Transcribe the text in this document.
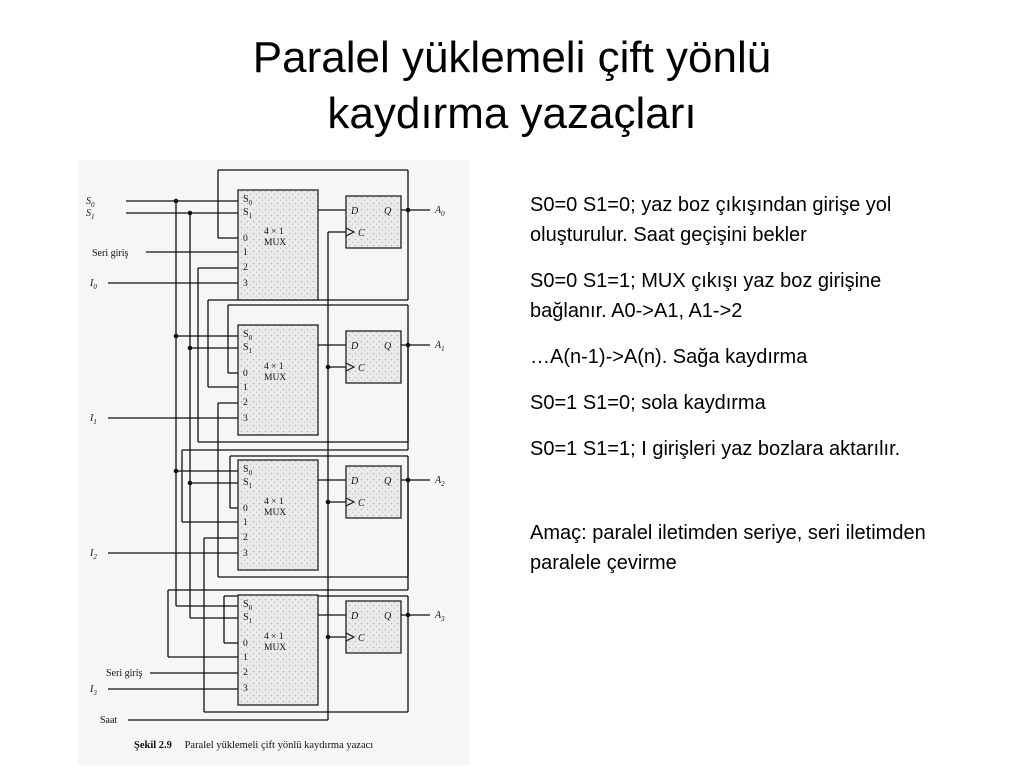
Paralel yüklemeli çift yönlü
kaydırma yazaçları
$S_0$
$S_1$
4 × 1
MUX
0
1
2
3
D	Q
C
$A_0$
$S_0$
$S_1$
4 × 1
MUX
0
1
2
3
D	Q
C
$A_1$
$S_0$
$S_1$
4 × 1
MUX
0
1
2
3
D	Q
C
$A_2$
$S_0$
$S_1$
4 × 1
MUX
0
1
2
3
D	Q
C
$A_3$
$S_0$
$S_1$
Seri giriş
$I_0$
$I_1$
$I_2$
Seri giriş
$I_3$
Saat
Şekil 2.9 Paralel yüklemeli çift yönlü kaydırma yazacı

S0=0 S1=0; yaz boz çıkışından girişe yol oluşturulur. Saat geçişini bekler

S0=0 S1=1; MUX çıkışı yaz boz girişine bağlanır. A0->A1, A1->2

…A(n-1)->A(n). Sağa kaydırma

S0=1 S1=0; sola kaydırma

S0=1 S1=1; I girişleri yaz bozlara aktarılır.

Amaç: paralel iletimden seriye, seri iletimden paralele çevirme
